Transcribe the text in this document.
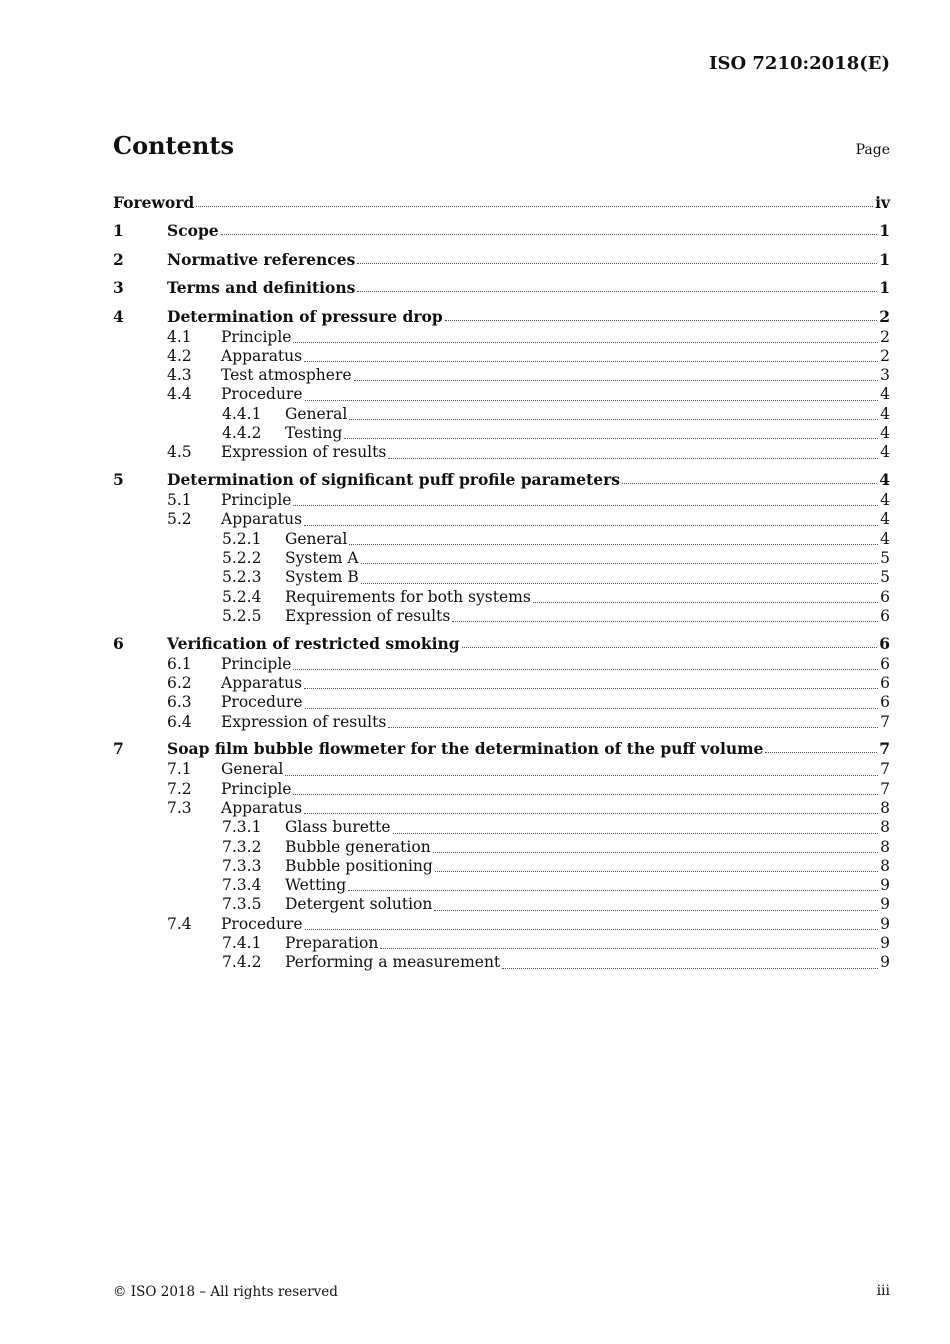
ISO 7210:2018(E)
Contents	Page
Foreword	iv
1	Scope	1
2	Normative references	1
3	Terms and definitions	1
4	Determination of pressure drop	2
4.1	Principle	2
4.2	Apparatus	2
4.3	Test atmosphere	3
4.4	Procedure	4
4.4.1	General	4
4.4.2	Testing	4
4.5	Expression of results	4
5	Determination of significant puff profile parameters	4
5.1	Principle	4
5.2	Apparatus	4
5.2.1	General	4
5.2.2	System A	5
5.2.3	System B	5
5.2.4	Requirements for both systems	6
5.2.5	Expression of results	6
6	Verification of restricted smoking	6
6.1	Principle	6
6.2	Apparatus	6
6.3	Procedure	6
6.4	Expression of results	7
7	Soap film bubble flowmeter for the determination of the puff volume	7
7.1	General	7
7.2	Principle	7
7.3	Apparatus	8
7.3.1	Glass burette	8
7.3.2	Bubble generation	8
7.3.3	Bubble positioning	8
7.3.4	Wetting	9
7.3.5	Detergent solution	9
7.4	Procedure	9
7.4.1	Preparation	9
7.4.2	Performing a measurement	9
© ISO 2018 – All rights reserved	iii
